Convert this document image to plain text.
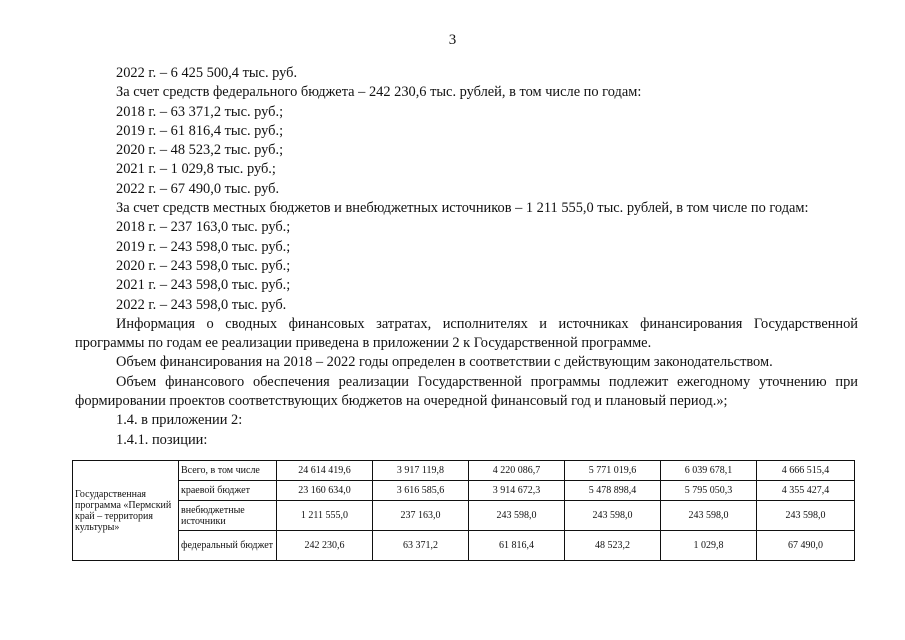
3
2022 г. – 6 425 500,4 тыс. руб.
За счет средств федерального бюджета – 242 230,6 тыс. рублей, в том числе по годам:
2018 г. – 63 371,2 тыс. руб.;
2019 г. – 61 816,4 тыс. руб.;
2020 г. – 48 523,2 тыс. руб.;
2021 г. – 1 029,8 тыс. руб.;
2022 г. – 67 490,0 тыс. руб.
За счет средств местных бюджетов и внебюджетных источников – 1 211 555,0 тыс. рублей, в том числе по годам:
2018 г. – 237 163,0 тыс. руб.;
2019 г. – 243 598,0 тыс. руб.;
2020 г. – 243 598,0 тыс. руб.;
2021 г. – 243 598,0 тыс. руб.;
2022 г. – 243 598,0 тыс. руб.
Информация о сводных финансовых затратах, исполнителях и источниках финансирования Государственной программы по годам ее реализации приведена в приложении 2 к Государственной программе.
Объем финансирования на 2018 – 2022 годы определен в соответствии с действующим законодательством.
Объем финансового обеспечения реализации Государственной программы подлежит ежегодному уточнению при формировании проектов соответствующих бюджетов на очередной финансовый год и плановый период.»;
1.4. в приложении 2:
1.4.1. позиции:
Государственная программа «Пермский край – территория культуры»	Всего, в том числе	24 614 419,6	3 917 119,8	4 220 086,7	5 771 019,6	6 039 678,1	4 666 515,4
	краевой бюджет	23 160 634,0	3 616 585,6	3 914 672,3	5 478 898,4	5 795 050,3	4 355 427,4
	внебюджетные источники	1 211 555,0	237 163,0	243 598,0	243 598,0	243 598,0	243 598,0
	федеральный бюджет	242 230,6	63 371,2	61 816,4	48 523,2	1 029,8	67 490,0
